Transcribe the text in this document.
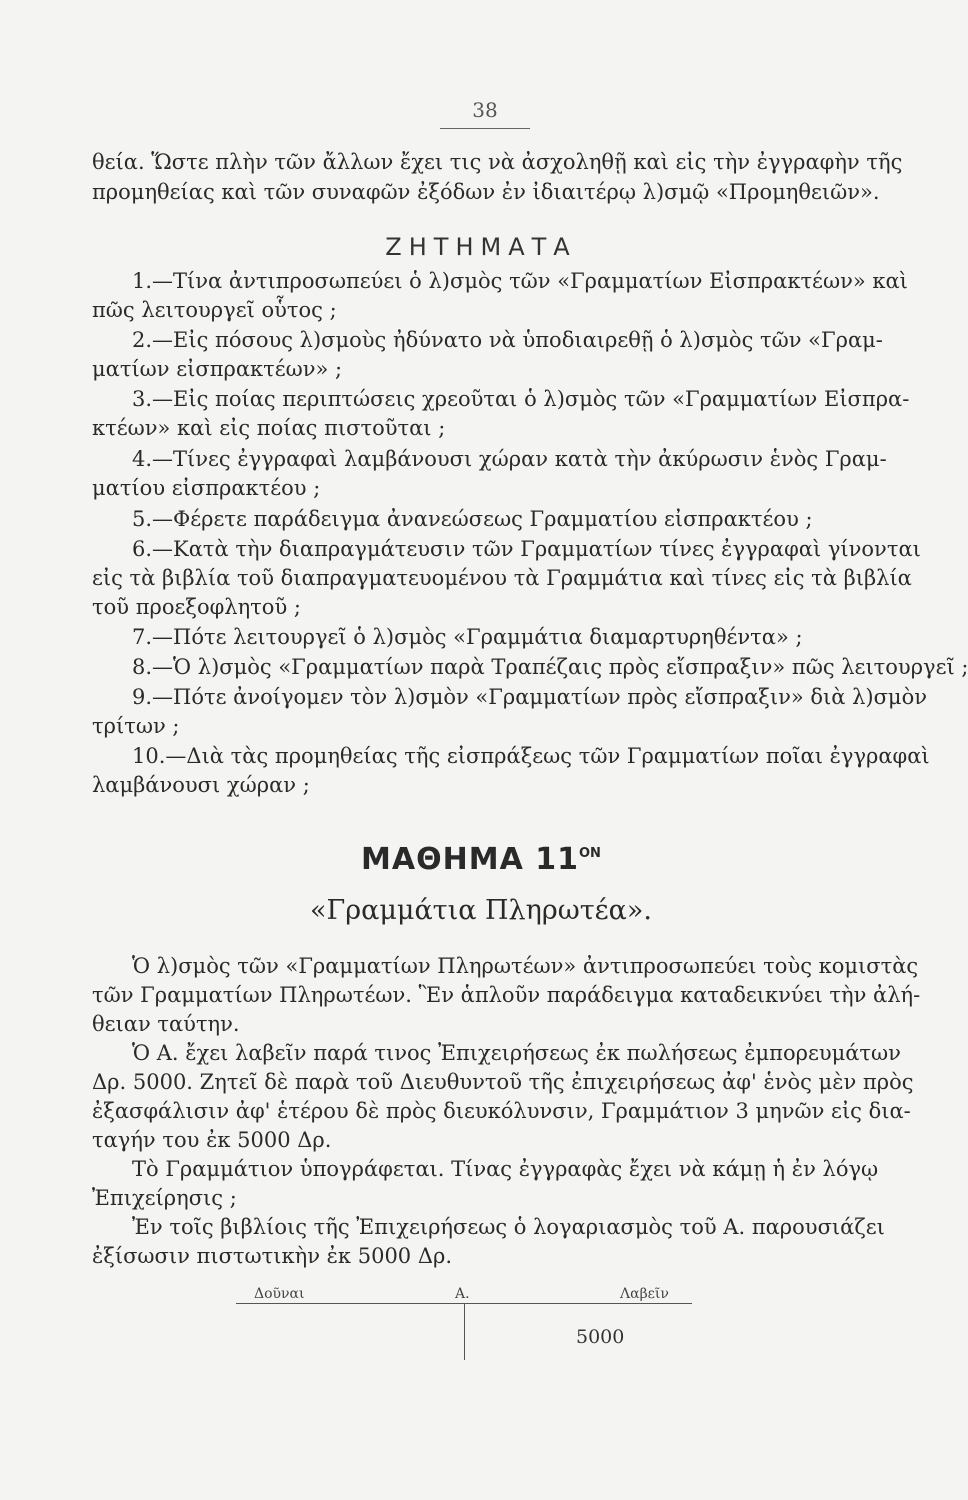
38
θεία. Ὥστε πλὴν τῶν ἄλλων ἔχει τις νὰ ἀσχοληθῇ καὶ εἰς τὴν ἐγγραφὴν τῆς
προμηθείας καὶ τῶν συναφῶν ἐξόδων ἐν ἰδιαιτέρῳ λ)σμῷ «Προμηθειῶν».
ΖΗΤΗΜΑΤΑ
1.—Τίνα ἀντιπροσωπεύει ὁ λ)σμὸς τῶν «Γραμματίων Εἰσπρακτέων» καὶ
πῶς λειτουργεῖ οὗτος ;
2.—Εἰς πόσους λ)σμοὺς ἠδύνατο νὰ ὑποδιαιρεθῇ ὁ λ)σμὸς τῶν «Γραμ-
ματίων εἰσπρακτέων» ;
3.—Εἰς ποίας περιπτώσεις χρεοῦται ὁ λ)σμὸς τῶν «Γραμματίων Εἰσπρα-
κτέων» καὶ εἰς ποίας πιστοῦται ;
4.—Τίνες ἐγγραφαὶ λαμβάνουσι χώραν κατὰ τὴν ἀκύρωσιν ἑνὸς Γραμ-
ματίου εἰσπρακτέου ;
5.—Φέρετε παράδειγμα ἀνανεώσεως Γραμματίου εἰσπρακτέου ;
6.—Κατὰ τὴν διαπραγμάτευσιν τῶν Γραμματίων τίνες ἐγγραφαὶ γίνονται
εἰς τὰ βιβλία τοῦ διαπραγματευομένου τὰ Γραμμάτια καὶ τίνες εἰς τὰ βιβλία
τοῦ προεξοφλητοῦ ;
7.—Πότε λειτουργεῖ ὁ λ)σμὸς «Γραμμάτια διαμαρτυρηθέντα» ;
8.—Ὁ λ)σμὸς «Γραμματίων παρὰ Τραπέζαις πρὸς εἴσπραξιν» πῶς λειτουργεῖ ;
9.—Πότε ἀνοίγομεν τὸν λ)σμὸν «Γραμματίων πρὸς εἴσπραξιν» διὰ λ)σμὸν
τρίτων ;
10.—Διὰ τὰς προμηθείας τῆς εἰσπράξεως τῶν Γραμματίων ποῖαι ἐγγραφαὶ
λαμβάνουσι χώραν ;
ΜΑΘΗΜΑ $11^{ON}$
«Γραμμάτια Πληρωτέα».
Ὁ λ)σμὸς τῶν «Γραμματίων Πληρωτέων» ἀντιπροσωπεύει τοὺς κομιστὰς
τῶν Γραμματίων Πληρωτέων. Ἓν ἁπλοῦν παράδειγμα καταδεικνύει τὴν ἀλή-
θειαν ταύτην.
Ὁ Α. ἔχει λαβεῖν παρά τινος Ἐπιχειρήσεως ἐκ πωλήσεως ἐμπορευμάτων
Δρ. 5000. Ζητεῖ δὲ παρὰ τοῦ Διευθυντοῦ τῆς ἐπιχειρήσεως ἀφ' ἑνὸς μὲν πρὸς
ἐξασφάλισιν ἀφ' ἑτέρου δὲ πρὸς διευκόλυνσιν, Γραμμάτιον 3 μηνῶν εἰς δια-
ταγήν του ἐκ 5000 Δρ.
Τὸ Γραμμάτιον ὑπογράφεται. Τίνας ἐγγραφὰς ἔχει νὰ κάμῃ ἡ ἐν λόγῳ
Ἐπιχείρησις ;
Ἐν τοῖς βιβλίοις τῆς Ἐπιχειρήσεως ὁ λογαριασμὸς τοῦ Α. παρουσιάζει
ἐξίσωσιν πιστωτικὴν ἐκ 5000 Δρ.
Δοῦναι	Α.	Λαβεῖν
5000
